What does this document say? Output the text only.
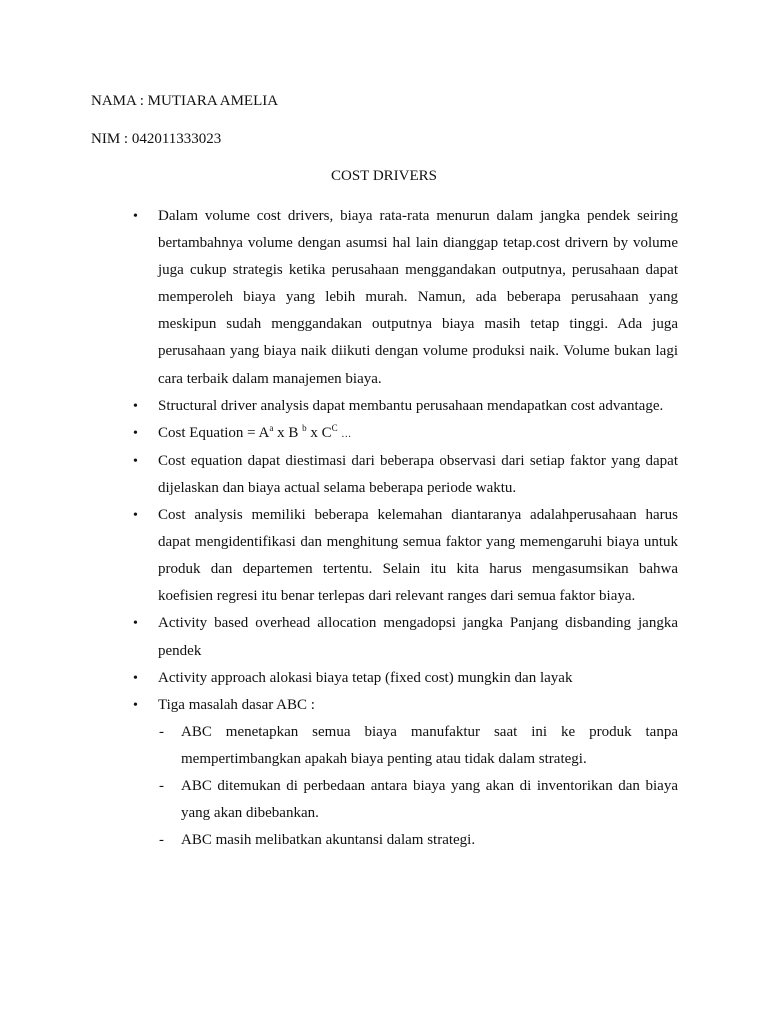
NAMA : MUTIARA AMELIA

NIM : 042011333023

COST DRIVERS
• Dalam volume cost drivers, biaya rata-rata menurun dalam jangka pendek seiring bertambahnya volume dengan asumsi hal lain dianggap tetap.cost drivern by volume juga cukup strategis ketika perusahaan menggandakan outputnya, perusahaan dapat memperoleh biaya yang lebih murah. Namun, ada beberapa perusahaan yang meskipun sudah menggandakan outputnya biaya masih tetap tinggi. Ada juga perusahaan yang biaya naik diikuti dengan volume produksi naik. Volume bukan lagi cara terbaik dalam manajemen biaya.
• Structural driver analysis dapat membantu perusahaan mendapatkan cost advantage.
• Cost Equation = $A^a$ x B $^b$ x $C^C$ …
• Cost equation dapat diestimasi dari beberapa observasi dari setiap faktor yang dapat dijelaskan dan biaya actual selama beberapa periode waktu.
• Cost analysis memiliki beberapa kelemahan diantaranya adalahperusahaan harus dapat mengidentifikasi dan menghitung semua faktor yang memengaruhi biaya untuk produk dan departemen tertentu. Selain itu kita harus mengasumsikan bahwa koefisien regresi itu benar terlepas dari relevant ranges dari semua faktor biaya.
• Activity based overhead allocation mengadopsi jangka Panjang disbanding jangka pendek
• Activity approach alokasi biaya tetap (fixed cost) mungkin dan layak
• Tiga masalah dasar ABC :
- ABC menetapkan semua biaya manufaktur saat ini ke produk tanpa mempertimbangkan apakah biaya penting atau tidak dalam strategi.
- ABC ditemukan di perbedaan antara biaya yang akan di inventorikan dan biaya yang akan dibebankan.
- ABC masih melibatkan akuntansi dalam strategi.
